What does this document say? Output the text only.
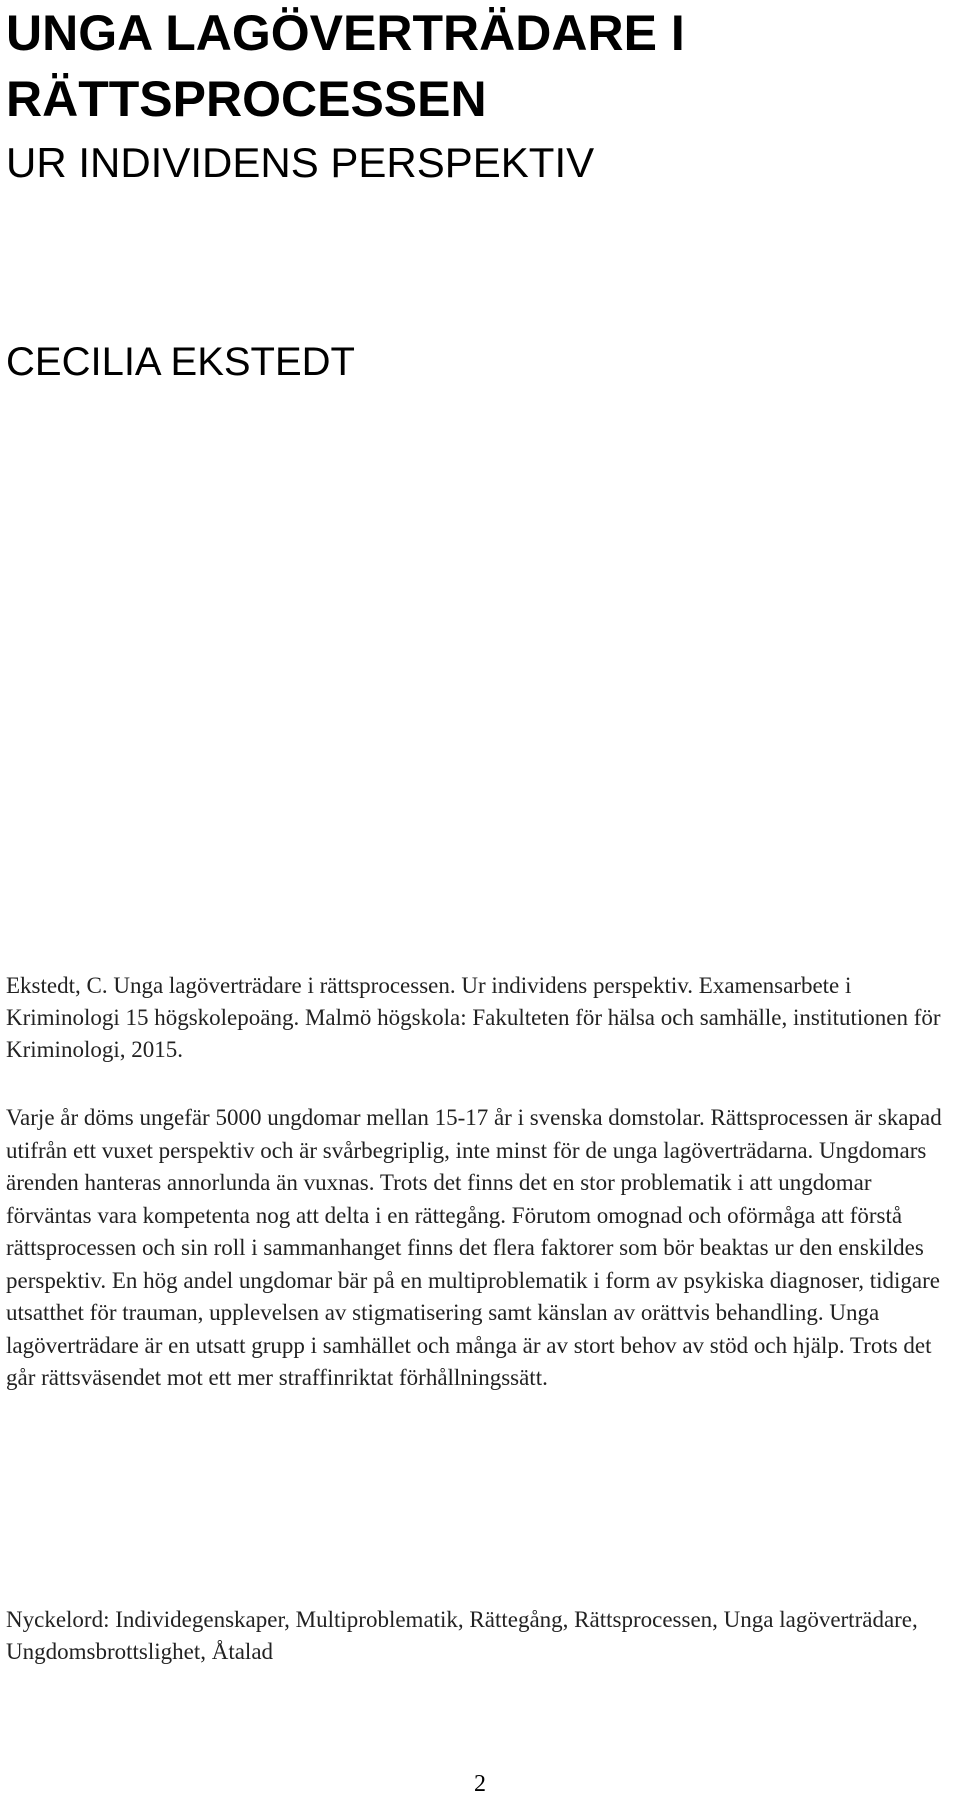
UNGA LAGÖVERTRÄDARE I
RÄTTSPROCESSEN

UR INDIVIDENS PERSPEKTIV

CECILIA EKSTEDT

Ekstedt, C. Unga lagöverträdare i rättsprocessen. Ur individens perspektiv. Examensarbete i Kriminologi 15 högskolepoäng. Malmö högskola: Fakulteten för hälsa och samhälle, institutionen för Kriminologi, 2015.

Varje år döms ungefär 5000 ungdomar mellan 15-17 år i svenska domstolar. Rättsprocessen är skapad utifrån ett vuxet perspektiv och är svårbegriplig, inte minst för de unga lagöverträdarna. Ungdomars ärenden hanteras annorlunda än vuxnas. Trots det finns det en stor problematik i att ungdomar förväntas vara kompetenta nog att delta i en rättegång. Förutom omognad och oförmåga att förstå rättsprocessen och sin roll i sammanhanget finns det flera faktorer som bör beaktas ur den enskildes perspektiv. En hög andel ungdomar bär på en multiproblematik i form av psykiska diagnoser, tidigare utsatthet för trauman, upplevelsen av stigmatisering samt känslan av orättvis behandling. Unga lagöverträdare är en utsatt grupp i samhället och många är av stort behov av stöd och hjälp. Trots det går rättsväsendet mot ett mer straffinriktat förhållningssätt.

Nyckelord: Individegenskaper, Multiproblematik, Rättegång, Rättsprocessen, Unga lagöverträdare, Ungdomsbrottslighet, Åtalad

2
